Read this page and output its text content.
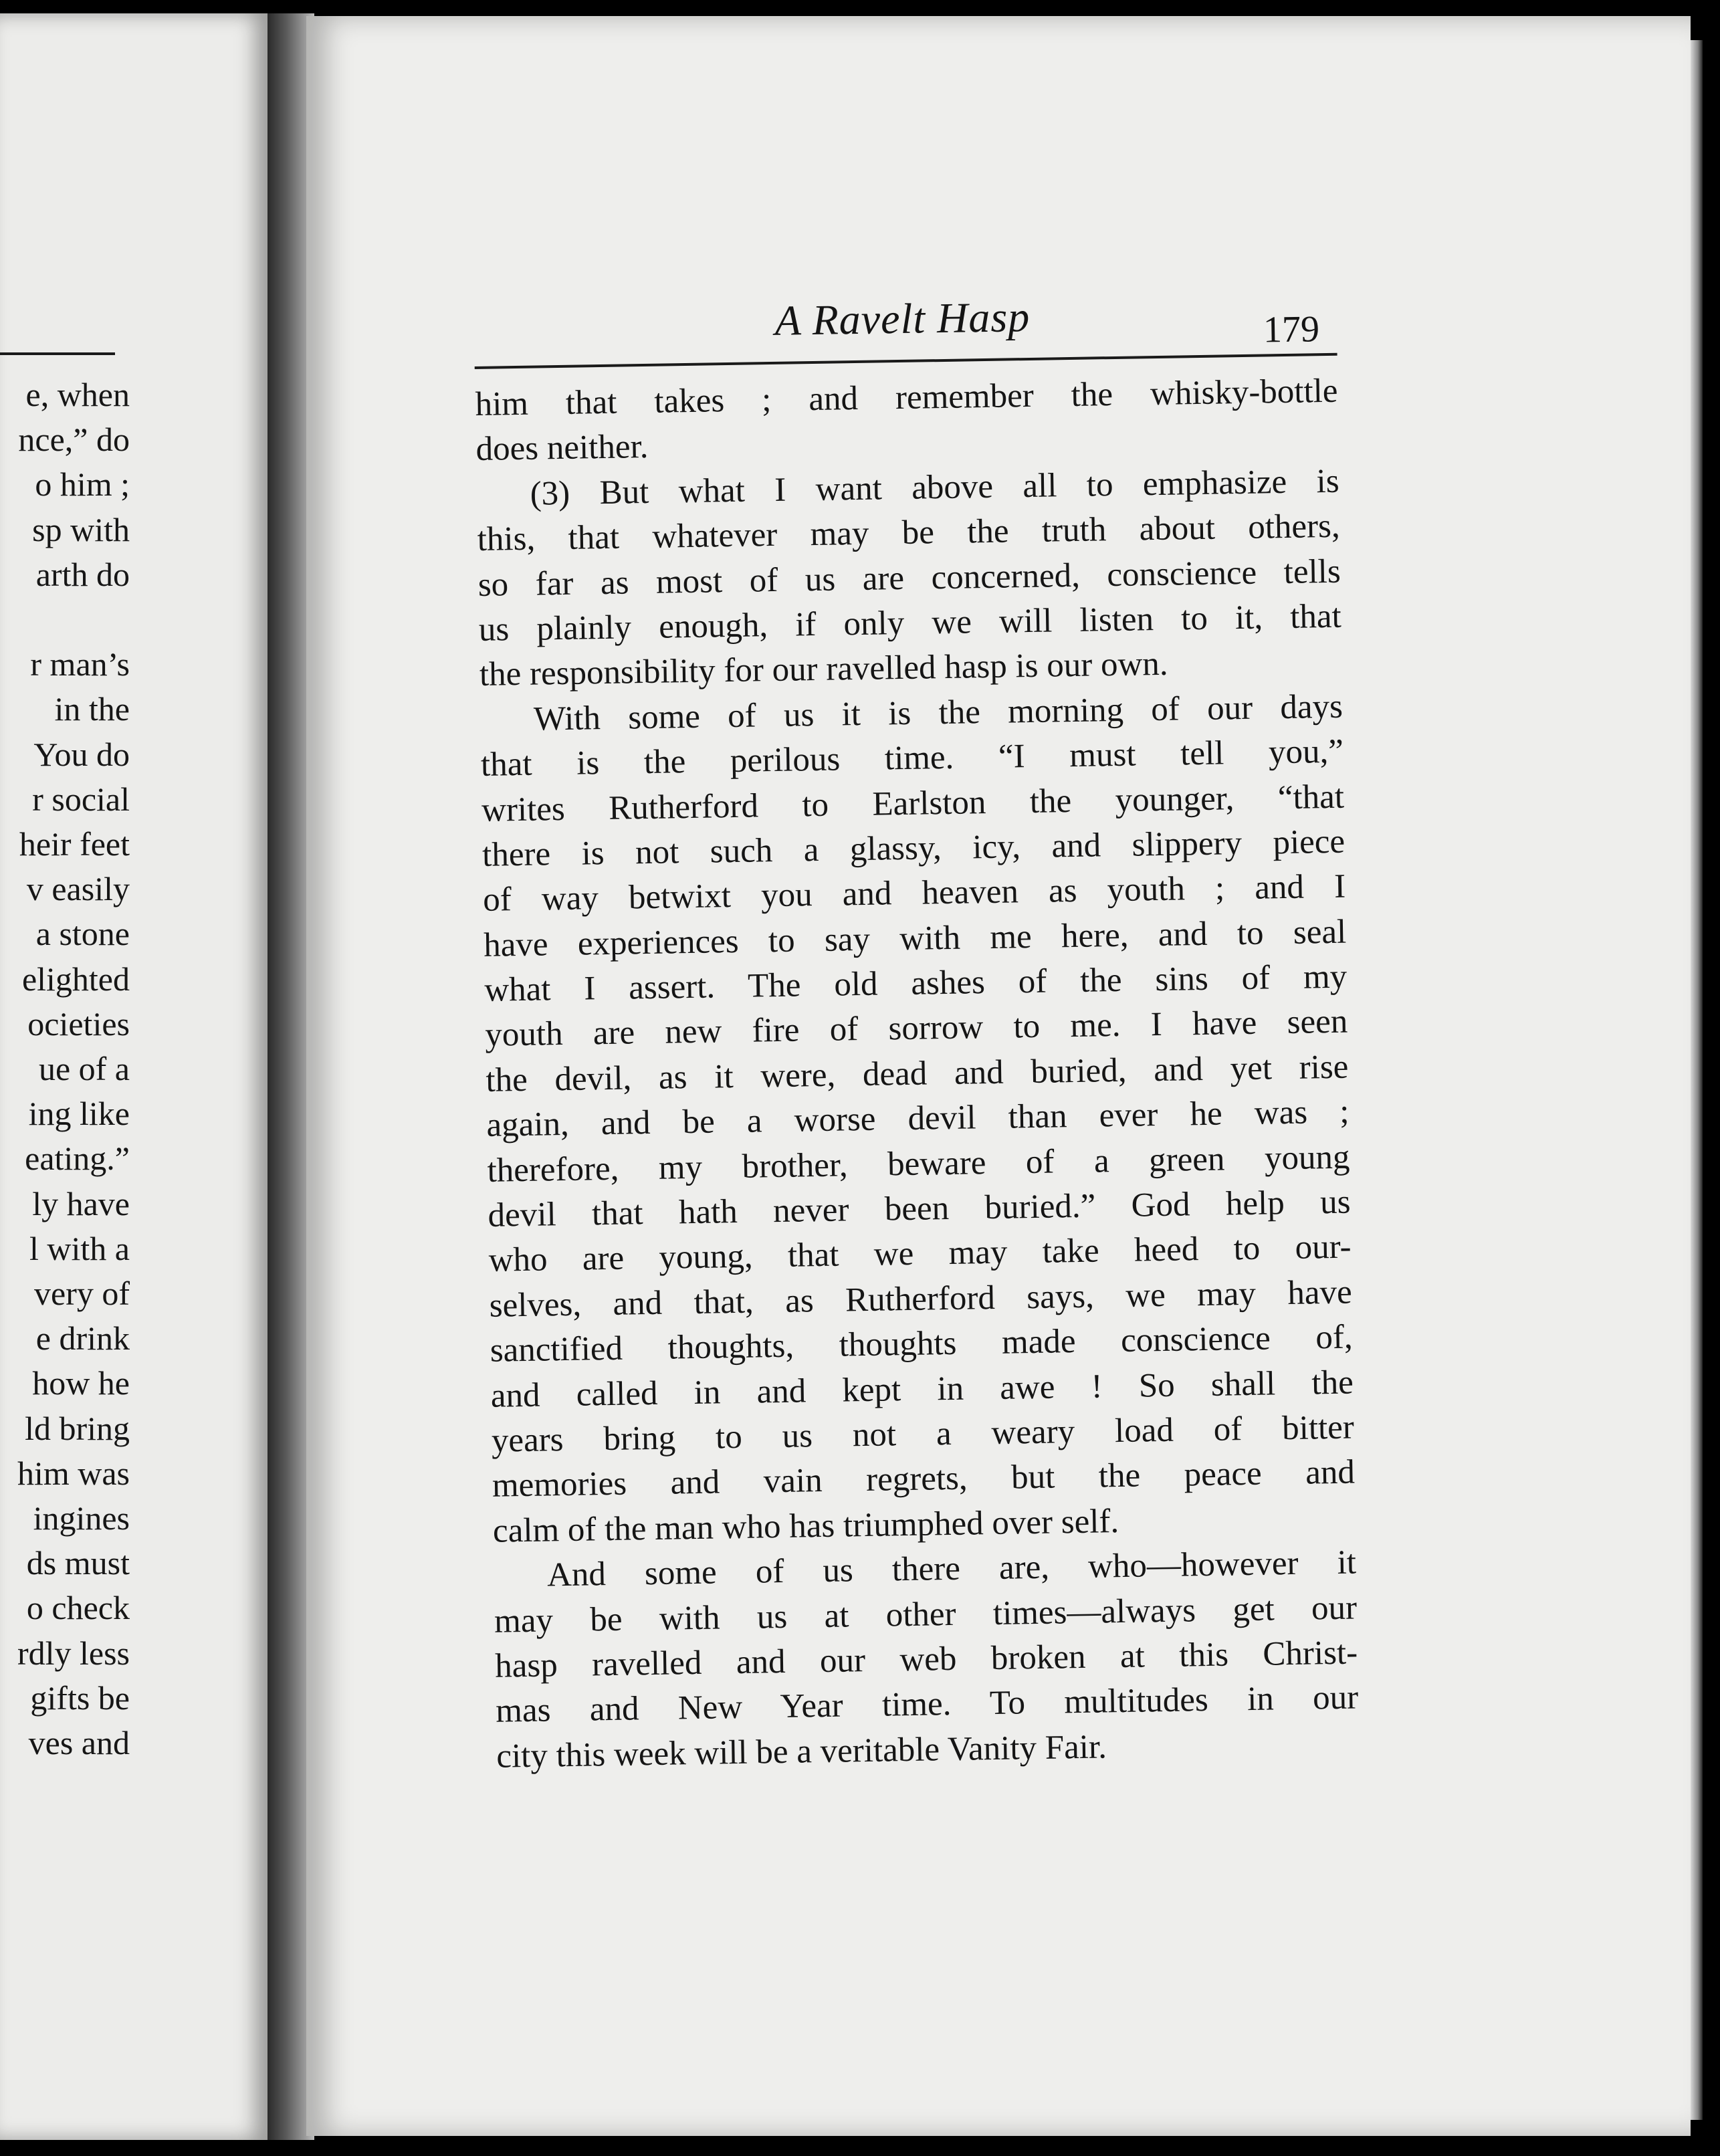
e, when
nce,” do
o him ;
sp with
arth do
r man’s
in the
You do
r social
heir feet
v easily
a stone
elighted
ocieties
ue of a
ing like
eating.”
ly have
l with a
very of
e drink
how he
ld bring
him was
ingines
ds must
o check
rdly less
gifts be
ves and
A Ravelt Hasp	179
him that takes ; and remember the whisky-bottle
does neither.
(3) But what I want above all to emphasize is
this, that whatever may be the truth about others,
so far as most of us are concerned, conscience tells
us plainly enough, if only we will listen to it, that
the responsibility for our ravelled hasp is our own.
With some of us it is the morning of our days
that is the perilous time. “I must tell you,”
writes Rutherford to Earlston the younger, “that
there is not such a glassy, icy, and slippery piece
of way betwixt you and heaven as youth ; and I
have experiences to say with me here, and to seal
what I assert. The old ashes of the sins of my
youth are new fire of sorrow to me. I have seen
the devil, as it were, dead and buried, and yet rise
again, and be a worse devil than ever he was ;
therefore, my brother, beware of a green young
devil that hath never been buried.” God help us
who are young, that we may take heed to our-
selves, and that, as Rutherford says, we may have
sanctified thoughts, thoughts made conscience of,
and called in and kept in awe ! So shall the
years bring to us not a weary load of bitter
memories and vain regrets, but the peace and
calm of the man who has triumphed over self.
And some of us there are, who—however it
may be with us at other times—always get our
hasp ravelled and our web broken at this Christ-
mas and New Year time. To multitudes in our
city this week will be a veritable Vanity Fair.
